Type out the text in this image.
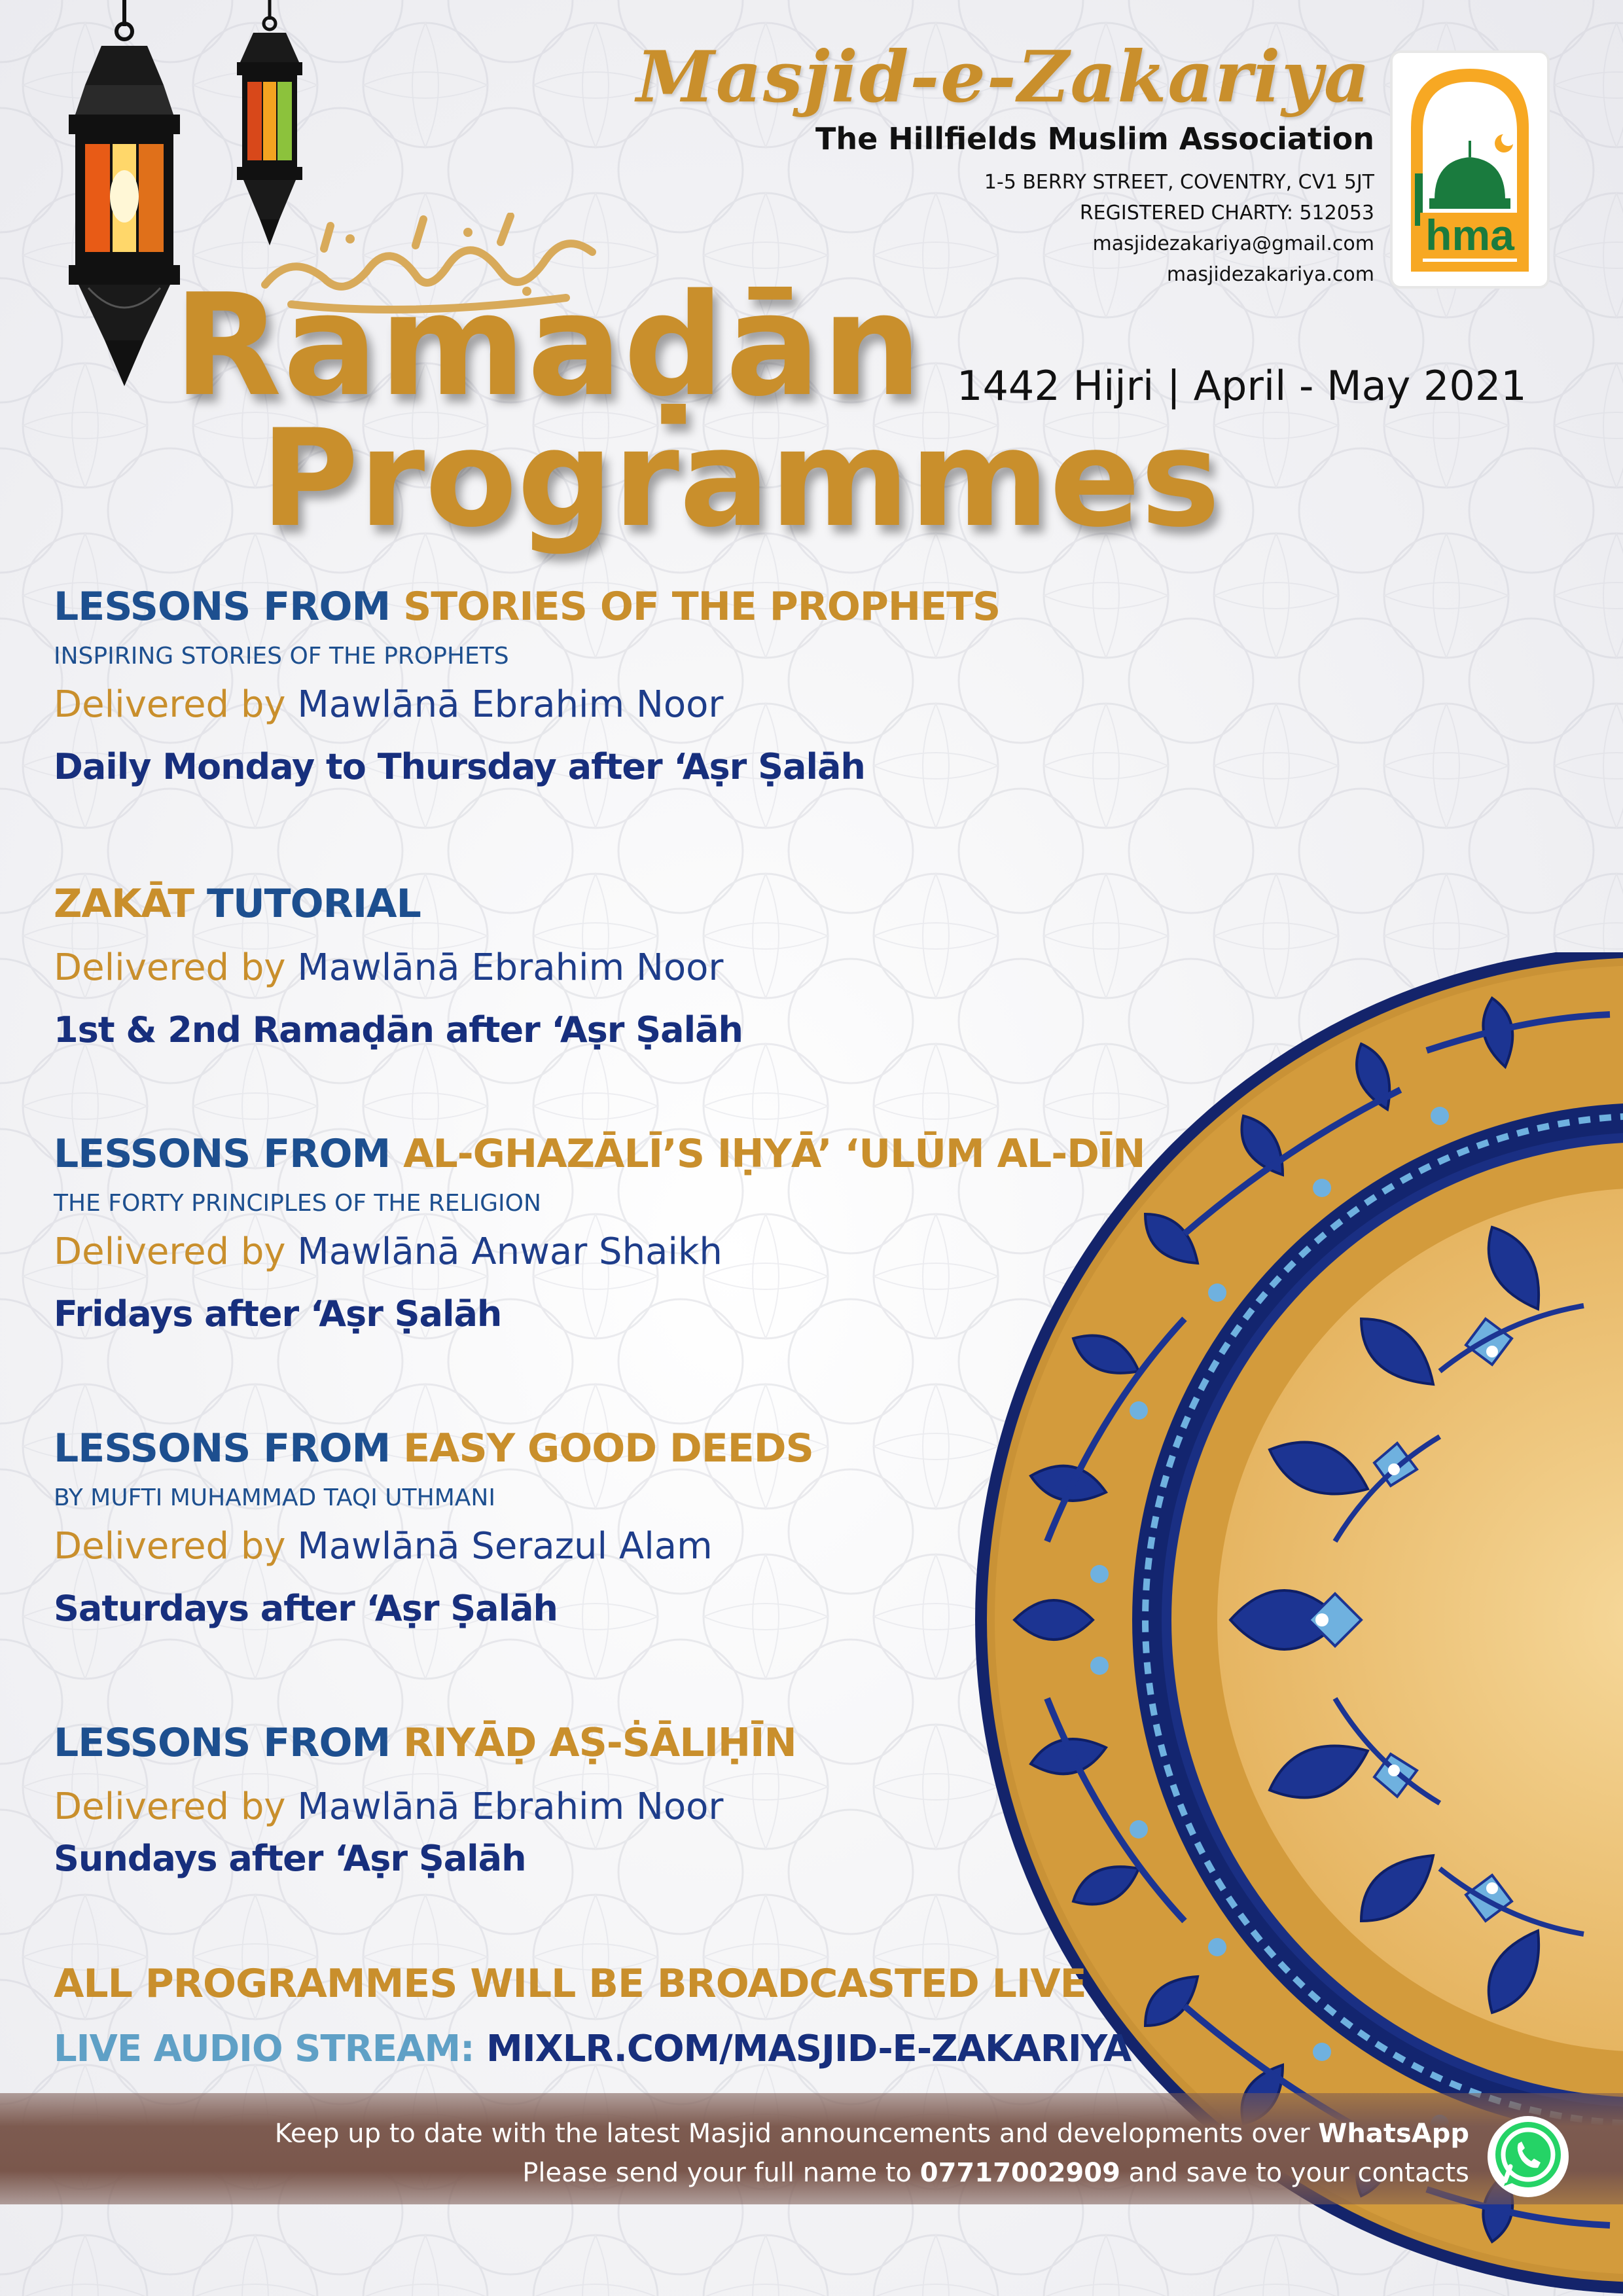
Masjid-e-Zakariya
The Hillfields Muslim Association
1-5 BERRY STREET, COVENTRY, CV1 5JT
REGISTERED CHARTY: 512053
masjidezakariya@gmail.com
masjidezakariya.com
hma
Ramaḍān 1442 Hijri | April - May 2021
Programmes
LESSONS FROM STORIES OF THE PROPHETS
INSPIRING STORIES OF THE PROPHETS
Delivered by Mawlānā Ebrahim Noor
Daily Monday to Thursday after ‘Aṣr Ṣalāh
ZAKĀT TUTORIAL
Delivered by Mawlānā Ebrahim Noor
1st & 2nd Ramaḍān after ‘Aṣr Ṣalāh
LESSONS FROM AL-GHAZĀLĪ’S IḤYĀ’ ‘ULŪM AL-DĪN
THE FORTY PRINCIPLES OF THE RELIGION
Delivered by Mawlānā Anwar Shaikh
Fridays after ‘Aṣr Ṣalāh
LESSONS FROM EASY GOOD DEEDS
BY MUFTI MUHAMMAD TAQI UTHMANI
Delivered by Mawlānā Serazul Alam
Saturdays after ‘Aṣr Ṣalāh
LESSONS FROM RIYĀḌ AṢ-ṠĀLIḤĪN
Delivered by Mawlānā Ebrahim Noor
Sundays after ‘Aṣr Ṣalāh
ALL PROGRAMMES WILL BE BROADCASTED LIVE
LIVE AUDIO STREAM: MIXLR.COM/MASJID-E-ZAKARIYA
Keep up to date with the latest Masjid announcements and developments over WhatsApp
Please send your full name to 07717002909 and save to your contacts
